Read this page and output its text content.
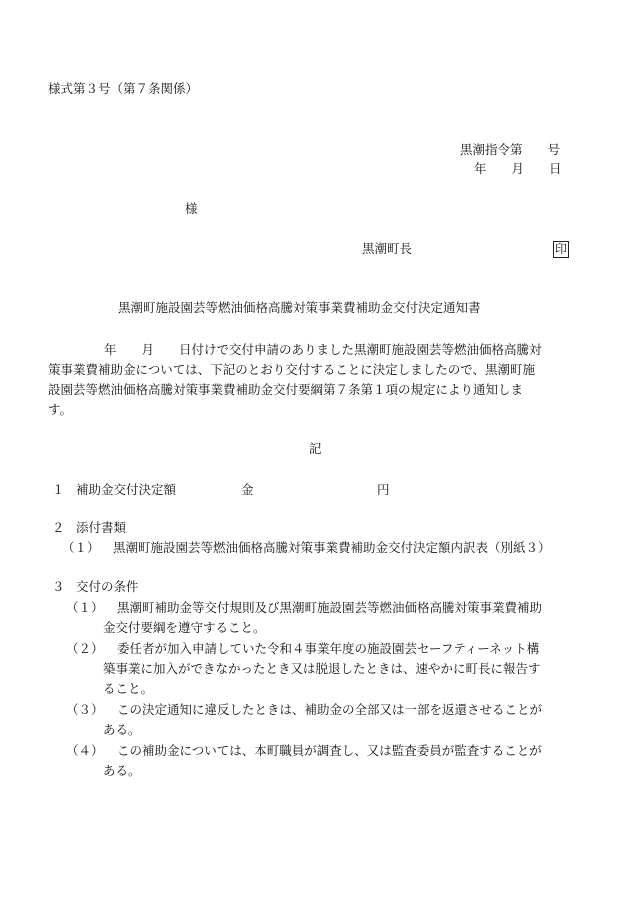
様式第３号（第７条関係）
黒潮指令第　　号
年　　月　　日
様
黒潮町長	印
黒潮町施設園芸等燃油価格高騰対策事業費補助金交付決定通知書
年　　月　　日付けで交付申請のありました黒潮町施設園芸等燃油価格高騰対
策事業費補助金については、下記のとおり交付することに決定しましたので、黒潮町施
設園芸等燃油価格高騰対策事業費補助金交付要綱第７条第１項の規定により通知しま
す。
記
１ 補助金交付決定額	金	円
２ 添付書類
（１） 黒潮町施設園芸等燃油価格高騰対策事業費補助金交付決定額内訳表（別紙３）
３ 交付の条件
（１） 黒潮町補助金等交付規則及び黒潮町施設園芸等燃油価格高騰対策事業費補助
金交付要綱を遵守すること。
（２） 委任者が加入申請していた令和４事業年度の施設園芸セーフティーネット構
築事業に加入ができなかったとき又は脱退したときは、速やかに町長に報告す
ること。
（３） この決定通知に違反したときは、補助金の全部又は一部を返還させることが
ある。
（４） この補助金については、本町職員が調査し、又は監査委員が監査することが
ある。
